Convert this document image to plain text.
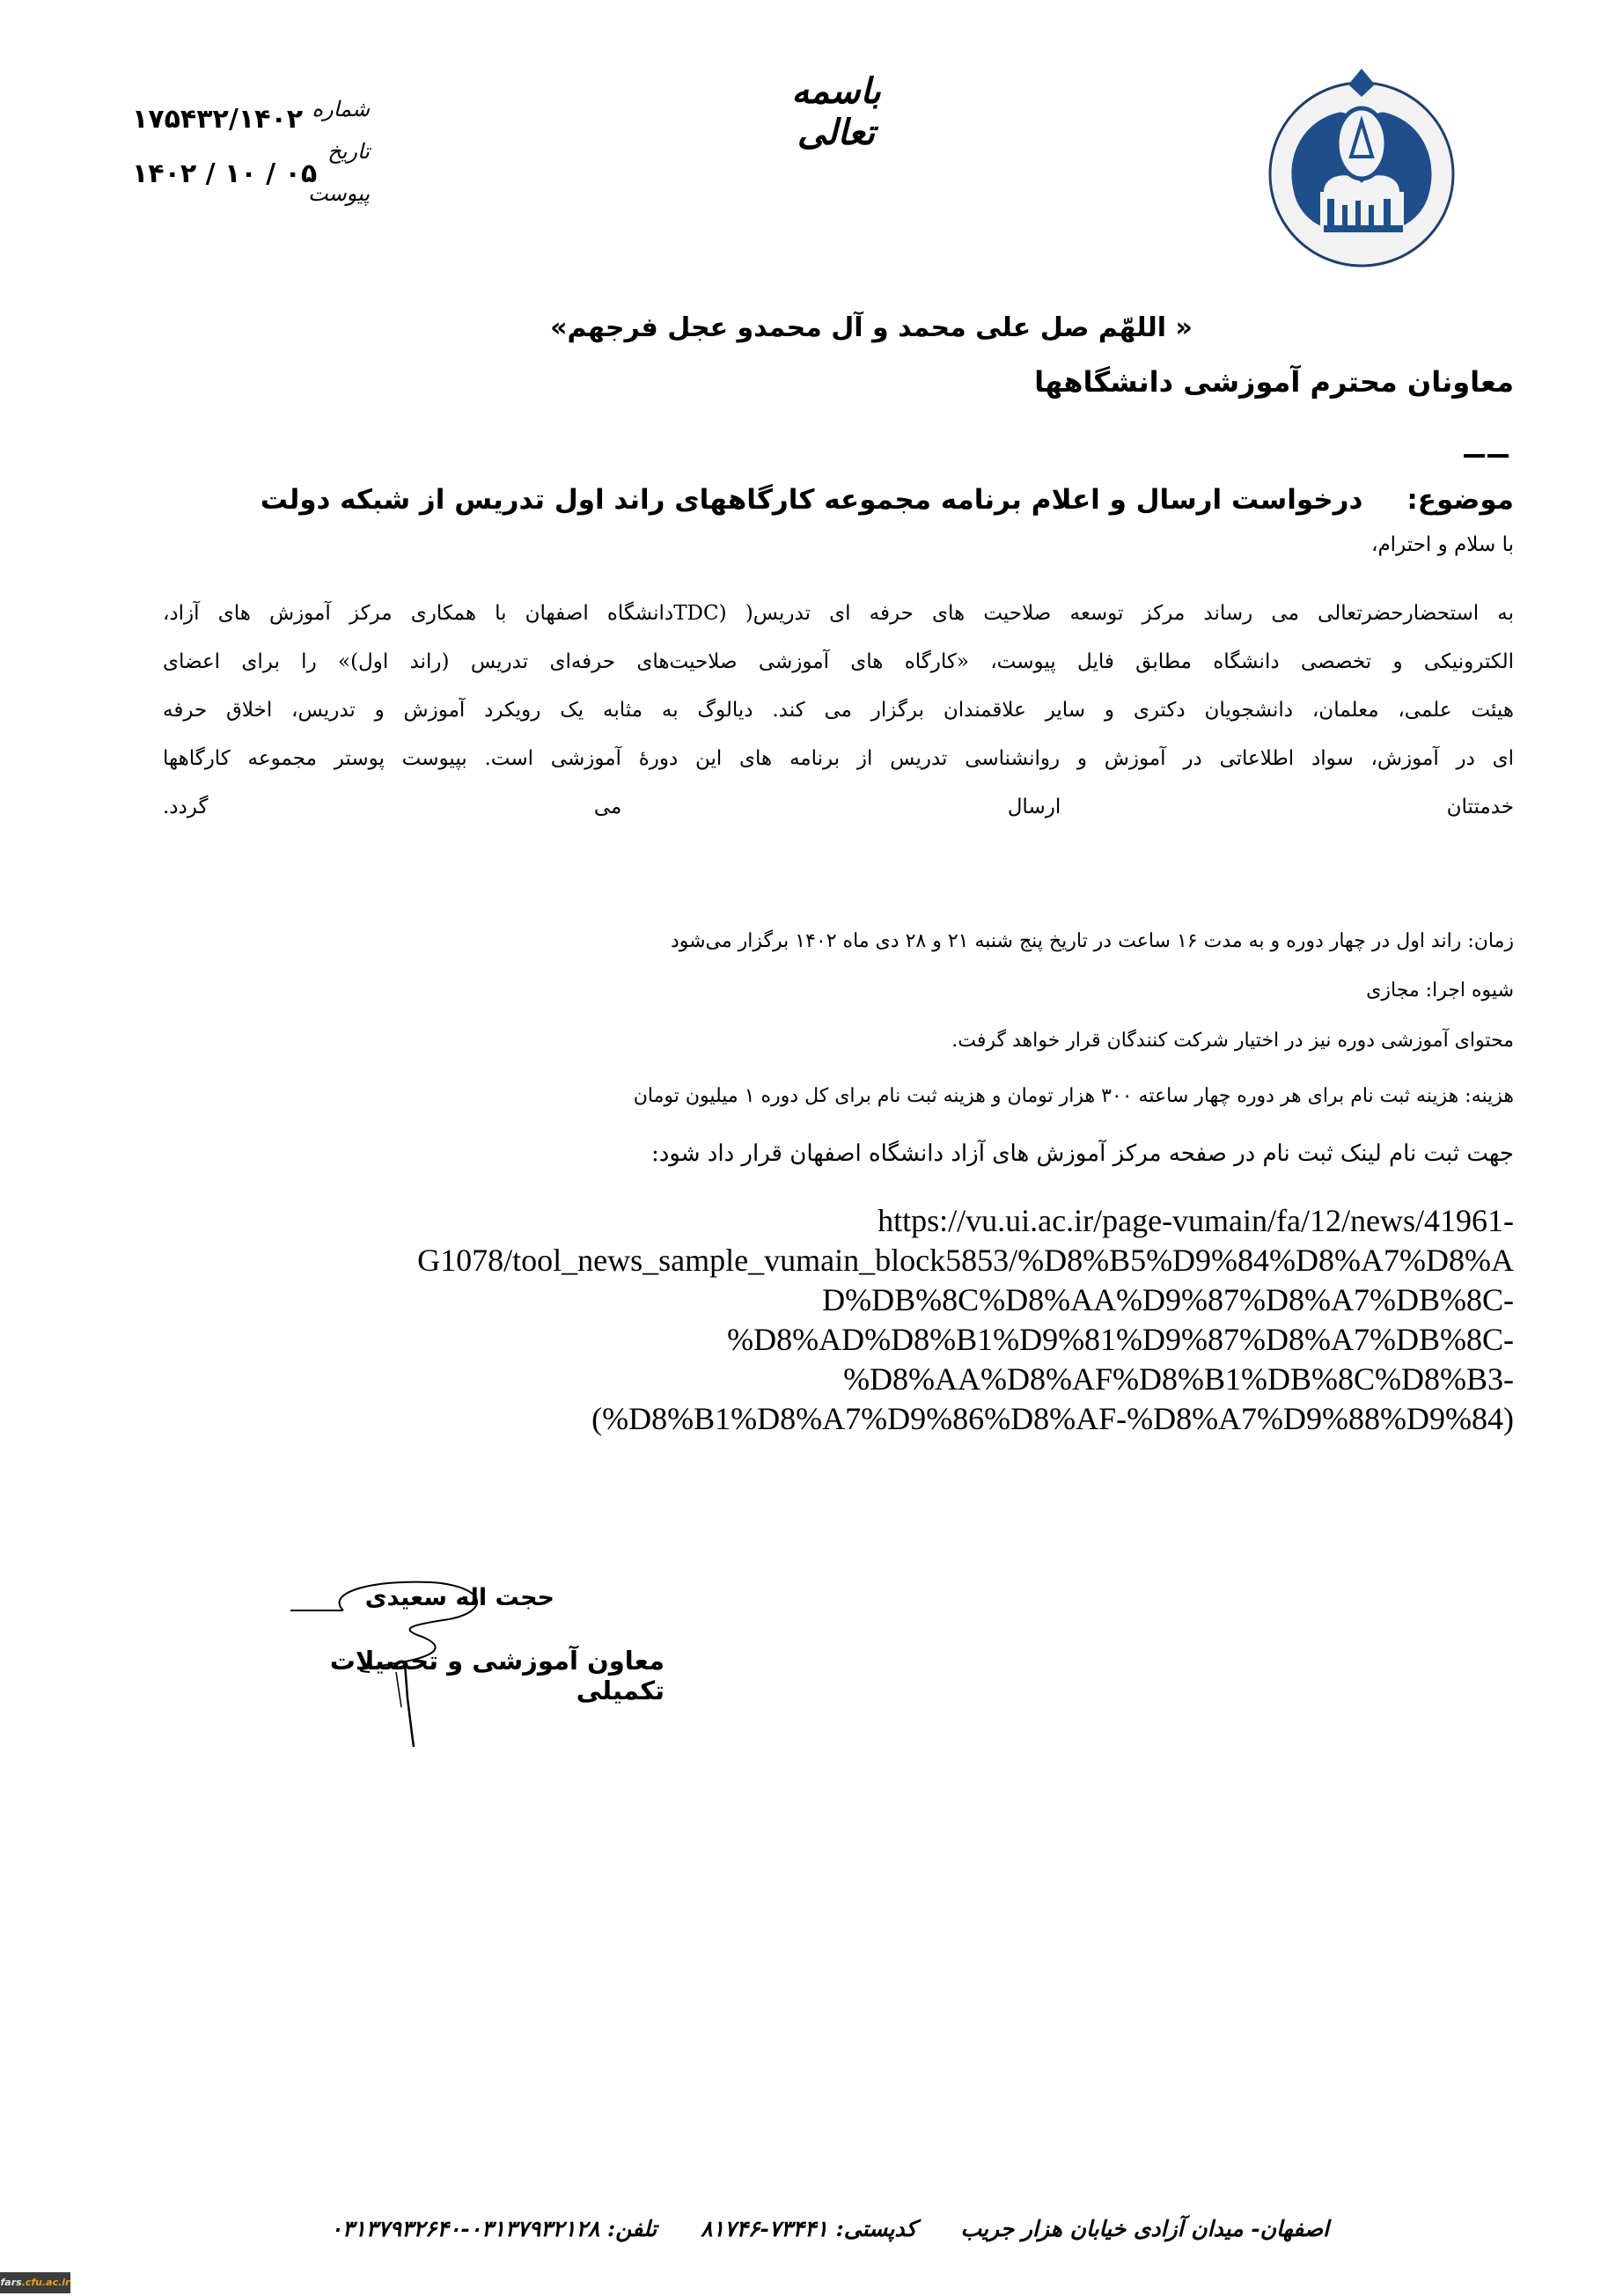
باسمه تعالی
شماره
تاریخ
پیوست
۱۷۵۴۳۲/۱۴۰۲
۱۴۰۲ / ۱۰ / ۰۵
« اللهّم صل علی محمد و آل محمدو عجل فرجهم»
معاونان محترم آموزشی دانشگاهها
موضوع:درخواست ارسال و اعلام برنامه مجموعه کارگاههای راند اول تدریس از شبکه دولت
با سلام و احترام،
به استحضارحضرتعالی می رساند مرکز توسعه صلاحیت های حرفه ای تدریس( (TDCدانشگاه اصفهان با همکاری مرکز آموزش های آزاد،
الکترونیکی و تخصصی دانشگاه مطابق فایل پیوست، «کارگاه های آموزشی صلاحیت‌های حرفه‌ای تدریس (راند اول)» را برای اعضای
هیئت علمی، معلمان، دانشجویان دکتری و سایر علاقمندان برگزار می کند. دیالوگ به مثابه یک رویکرد آموزش و تدریس، اخلاق حرفه
ای در آموزش، سواد اطلاعاتی در آموزش و روانشناسی تدریس از برنامه های این دورۀ آموزشی است. بپیوست پوستر مجموعه کارگاهها
خدمتتان
ارسال
می
گردد.
زمان: راند اول در چهار دوره و به مدت ۱۶ ساعت در تاریخ پنج شنبه ۲۱ و ۲۸ دی ماه ۱۴۰۲ برگزار می‌شود
شیوه اجرا: مجازی
محتوای آموزشی دوره نیز در اختیار شرکت کنندگان قرار خواهد گرفت.
هزینه: هزینه ثبت نام برای هر دوره چهار ساعته ۳۰۰ هزار تومان و هزینه ثبت نام برای کل دوره ۱ میلیون تومان
جهت ثبت نام لینک ثبت نام در صفحه مرکز آموزش های آزاد دانشگاه اصفهان قرار داد شود:
https://vu.ui.ac.ir/page-vumain/fa/12/news/41961-
G1078/tool_news_sample_vumain_block5853/%D8%B5%D9%84%D8%A7%D8%A
D%DB%8C%D8%AA%D9%87%D8%A7%DB%8C-
%D8%AD%D8%B1%D9%81%D9%87%D8%A7%DB%8C-
%D8%AA%D8%AF%D8%B1%DB%8C%D8%B3-
(%D8%B1%D8%A7%D9%86%D8%AF-%D8%A7%D9%88%D9%84)
حجت اله سعیدی
معاون آموزشی و تحصیلات تکمیلی
اصفهان- میدان آزادی خیابان هزار جریبکدپستی: ۷۳۴۴۱-۸۱۷۴۶تلفن: ۰۳۱۳۷۹۳۲۱۲۸-۰۳۱۳۷۹۳۲۶۴۰
fars.cfu.ac.ir
